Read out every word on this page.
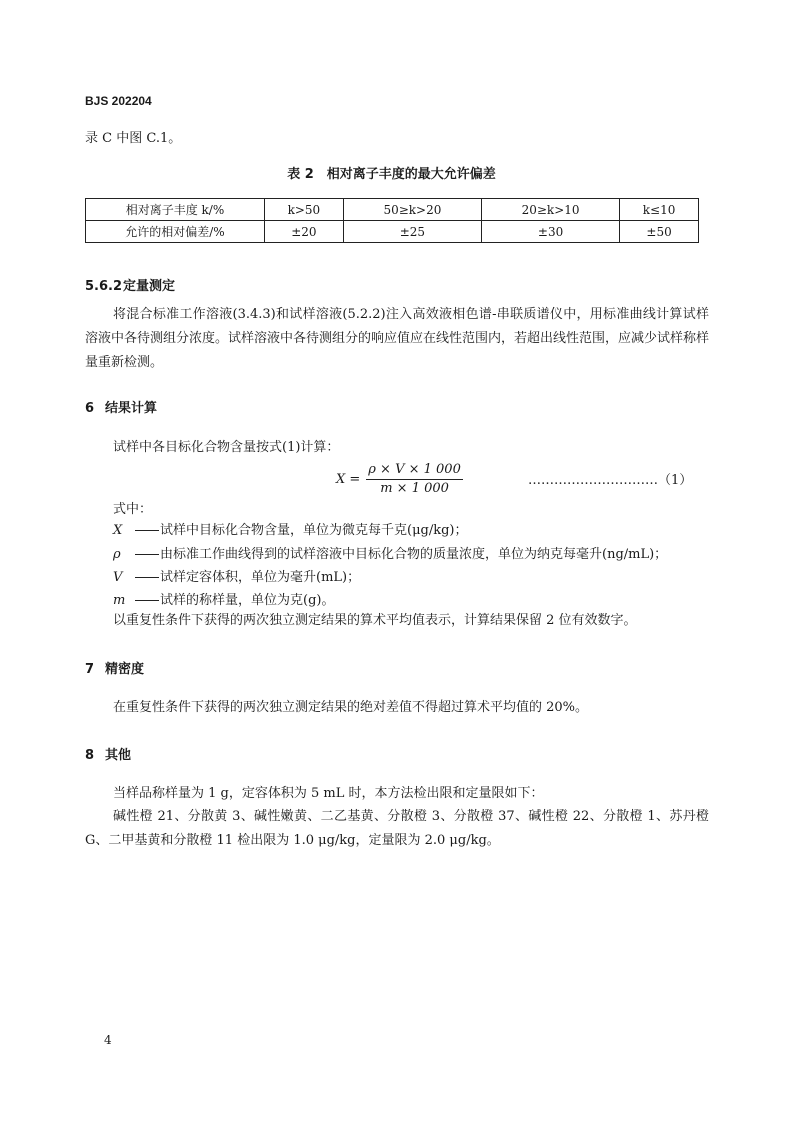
BJS 202204
录 C 中图 C.1。
表 2　相对离子丰度的最大允许偏差
相对离子丰度 k/%	k>50	50≥k>20	20≥k>10	k≤10
允许的相对偏差/%	±20	±25	±30	±50
5.6.2定量测定
将混合标准工作溶液(3.4.3)和试样溶液(5.2.2)注入高效液相色谱-串联质谱仪中，用标准曲线计算试样溶液中各待测组分浓度。试样溶液中各待测组分的响应值应在线性范围内，若超出线性范围，应减少试样称样量重新检测。
6 结果计算
试样中各目标化合物含量按式(1)计算：
$X = \frac{\rho \times V \times 1 000}{m \times 1 000}$	…………………………（1）
式中：
X	试样中目标化合物含量，单位为微克每千克(μg/kg)；
ρ	由标准工作曲线得到的试样溶液中目标化合物的质量浓度，单位为纳克每毫升(ng/mL)；
V	试样定容体积，单位为毫升(mL)；
m	试样的称样量，单位为克(g)。
以重复性条件下获得的两次独立测定结果的算术平均值表示，计算结果保留 2 位有效数字。
7 精密度
在重复性条件下获得的两次独立测定结果的绝对差值不得超过算术平均值的 20%。
8 其他
当样品称样量为 1 g，定容体积为 5 mL 时，本方法检出限和定量限如下：
碱性橙 21、分散黄 3、碱性嫩黄、二乙基黄、分散橙 3、分散橙 37、碱性橙 22、分散橙 1、苏丹橙 G、二甲基黄和分散橙 11 检出限为 1.0 μg/kg，定量限为 2.0 μg/kg。
4
